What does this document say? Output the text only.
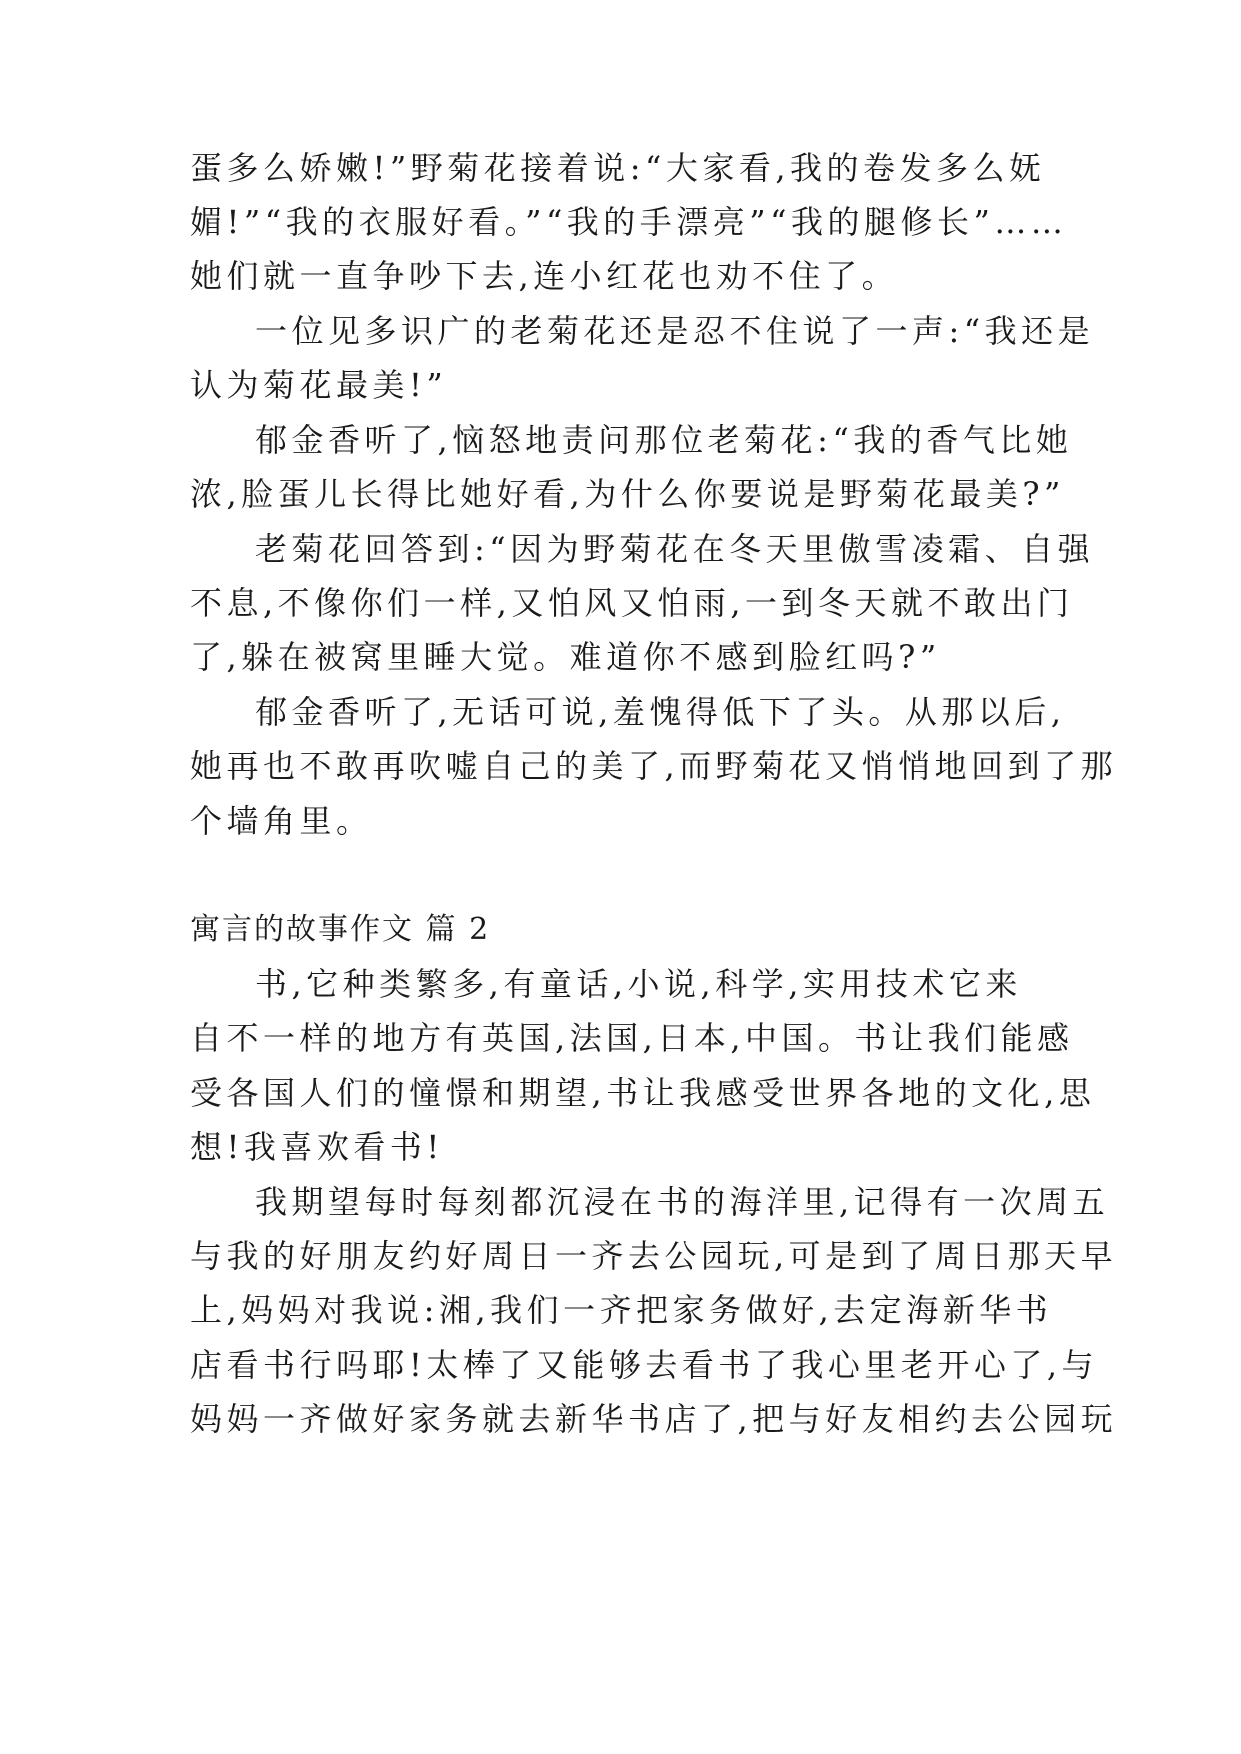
蛋多么娇嫩!”野菊花接着说:“大家看,我的卷发多么妩
媚!”“我的衣服好看。”“我的手漂亮”“我的腿修长”……
她们就一直争吵下去,连小红花也劝不住了。
一位见多识广的老菊花还是忍不住说了一声:“我还是
认为菊花最美!”
郁金香听了,恼怒地责问那位老菊花:“我的香气比她
浓,脸蛋儿长得比她好看,为什么你要说是野菊花最美?”
老菊花回答到:“因为野菊花在冬天里傲雪凌霜、自强
不息,不像你们一样,又怕风又怕雨,一到冬天就不敢出门
了,躲在被窝里睡大觉。难道你不感到脸红吗?”
郁金香听了,无话可说,羞愧得低下了头。从那以后,
她再也不敢再吹嘘自己的美了,而野菊花又悄悄地回到了那
个墙角里。
寓言的故事作文 篇 2
书,它种类繁多,有童话,小说,科学,实用技术它来
自不一样的地方有英国,法国,日本,中国。书让我们能感
受各国人们的憧憬和期望,书让我感受世界各地的文化,思
想!我喜欢看书!
我期望每时每刻都沉浸在书的海洋里,记得有一次周五
与我的好朋友约好周日一齐去公园玩,可是到了周日那天早
上,妈妈对我说:湘,我们一齐把家务做好,去定海新华书
店看书行吗耶!太棒了又能够去看书了我心里老开心了,与
妈妈一齐做好家务就去新华书店了,把与好友相约去公园玩
